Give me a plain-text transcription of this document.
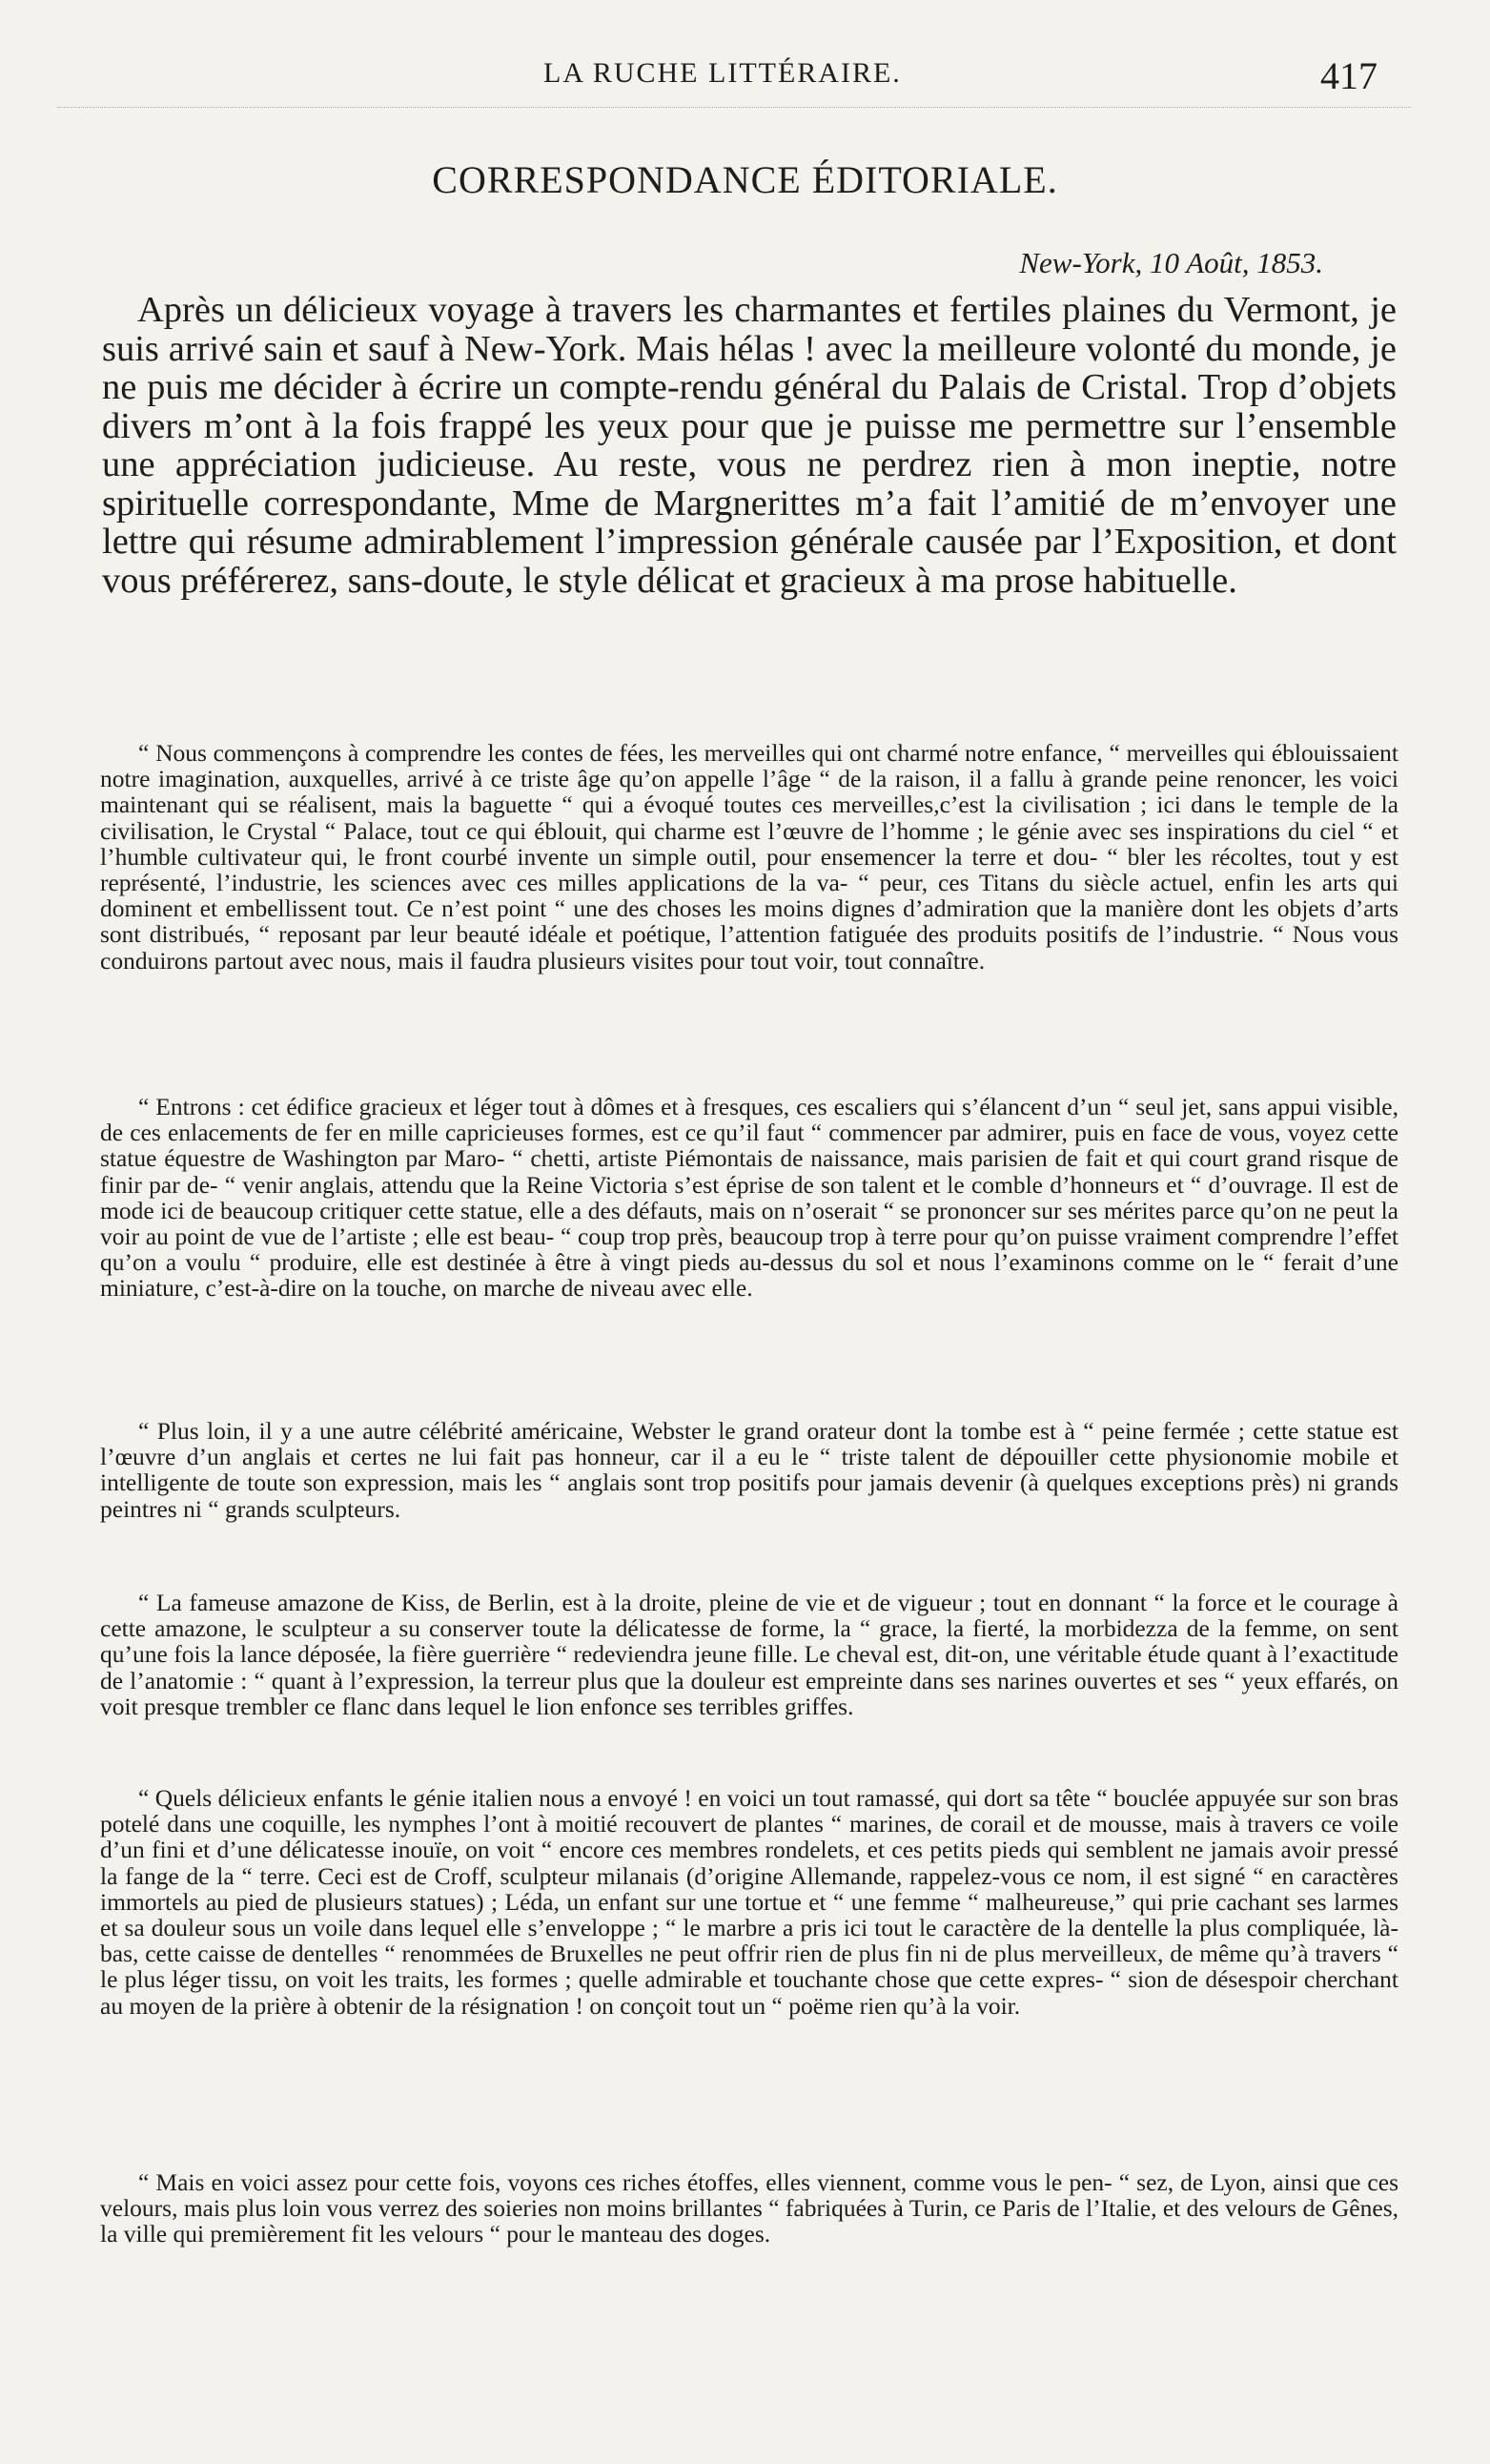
LA RUCHE LITTÉRAIRE.	417
CORRESPONDANCE ÉDITORIALE.
New-York, 10 Août, 1853.

Après un délicieux voyage à travers les charmantes et fertiles plaines du Vermont, je suis arrivé sain et sauf à New-York. Mais hélas ! avec la meilleure volonté du monde, je ne puis me décider à écrire un compte-rendu général du Palais de Cristal. Trop d’objets divers m’ont à la fois frappé les yeux pour que je puisse me permettre sur l’ensemble une appréciation judicieuse. Au reste, vous ne perdrez rien à mon ineptie, notre spirituelle correspondante, Mme de Margnerittes m’a fait l’amitié de m’envoyer une lettre qui résume admirablement l’impression générale causée par l’Exposition, et dont vous préférerez, sans-doute, le style délicat et gracieux à ma prose habituelle.

“ Nous commençons à comprendre les contes de fées, les merveilles qui ont charmé notre enfance, “ merveilles qui éblouissaient notre imagination, auxquelles, arrivé à ce triste âge qu’on appelle l’âge “ de la raison, il a fallu à grande peine renoncer, les voici maintenant qui se réalisent, mais la baguette “ qui a évoqué toutes ces merveilles,c’est la civilisation ; ici dans le temple de la civilisation, le Crystal “ Palace, tout ce qui éblouit, qui charme est l’œuvre de l’homme ; le génie avec ses inspirations du ciel “ et l’humble cultivateur qui, le front courbé invente un simple outil, pour ensemencer la terre et dou- “ bler les récoltes, tout y est représenté, l’industrie, les sciences avec ces milles applications de la va- “ peur, ces Titans du siècle actuel, enfin les arts qui dominent et embellissent tout. Ce n’est point “ une des choses les moins dignes d’admiration que la manière dont les objets d’arts sont distribués, “ reposant par leur beauté idéale et poétique, l’attention fatiguée des produits positifs de l’industrie. “ Nous vous conduirons partout avec nous, mais il faudra plusieurs visites pour tout voir, tout connaître.

“ Entrons : cet édifice gracieux et léger tout à dômes et à fresques, ces escaliers qui s’élancent d’un “ seul jet, sans appui visible, de ces enlacements de fer en mille capricieuses formes, est ce qu’il faut “ commencer par admirer, puis en face de vous, voyez cette statue équestre de Washington par Maro- “ chetti, artiste Piémontais de naissance, mais parisien de fait et qui court grand risque de finir par de- “ venir anglais, attendu que la Reine Victoria s’est éprise de son talent et le comble d’honneurs et “ d’ouvrage. Il est de mode ici de beaucoup critiquer cette statue, elle a des défauts, mais on n’oserait “ se prononcer sur ses mérites parce qu’on ne peut la voir au point de vue de l’artiste ; elle est beau- “ coup trop près, beaucoup trop à terre pour qu’on puisse vraiment comprendre l’effet qu’on a voulu “ produire, elle est destinée à être à vingt pieds au-dessus du sol et nous l’examinons comme on le “ ferait d’une miniature, c’est-à-dire on la touche, on marche de niveau avec elle.

“ Plus loin, il y a une autre célébrité américaine, Webster le grand orateur dont la tombe est à “ peine fermée ; cette statue est l’œuvre d’un anglais et certes ne lui fait pas honneur, car il a eu le “ triste talent de dépouiller cette physionomie mobile et intelligente de toute son expression, mais les “ anglais sont trop positifs pour jamais devenir (à quelques exceptions près) ni grands peintres ni “ grands sculpteurs.

“ La fameuse amazone de Kiss, de Berlin, est à la droite, pleine de vie et de vigueur ; tout en donnant “ la force et le courage à cette amazone, le sculpteur a su conserver toute la délicatesse de forme, la “ grace, la fierté, la morbidezza de la femme, on sent qu’une fois la lance déposée, la fière guerrière “ redeviendra jeune fille. Le cheval est, dit-on, une véritable étude quant à l’exactitude de l’anatomie : “ quant à l’expression, la terreur plus que la douleur est empreinte dans ses narines ouvertes et ses “ yeux effarés, on voit presque trembler ce flanc dans lequel le lion enfonce ses terribles griffes.

“ Quels délicieux enfants le génie italien nous a envoyé ! en voici un tout ramassé, qui dort sa tête “ bouclée appuyée sur son bras potelé dans une coquille, les nymphes l’ont à moitié recouvert de plantes “ marines, de corail et de mousse, mais à travers ce voile d’un fini et d’une délicatesse inouïe, on voit “ encore ces membres rondelets, et ces petits pieds qui semblent ne jamais avoir pressé la fange de la “ terre. Ceci est de Croff, sculpteur milanais (d’origine Allemande, rappelez-vous ce nom, il est signé “ en caractères immortels au pied de plusieurs statues) ; Léda, un enfant sur une tortue et “ une femme “ malheureuse,” qui prie cachant ses larmes et sa douleur sous un voile dans lequel elle s’enveloppe ; “ le marbre a pris ici tout le caractère de la dentelle la plus compliquée, là-bas, cette caisse de dentelles “ renommées de Bruxelles ne peut offrir rien de plus fin ni de plus merveilleux, de même qu’à travers “ le plus léger tissu, on voit les traits, les formes ; quelle admirable et touchante chose que cette expres- “ sion de désespoir cherchant au moyen de la prière à obtenir de la résignation ! on conçoit tout un “ poëme rien qu’à la voir.

“ Mais en voici assez pour cette fois, voyons ces riches étoffes, elles viennent, comme vous le pen- “ sez, de Lyon, ainsi que ces velours, mais plus loin vous verrez des soieries non moins brillantes “ fabriquées à Turin, ce Paris de l’Italie, et des velours de Gênes, la ville qui premièrement fit les velours “ pour le manteau des doges.
